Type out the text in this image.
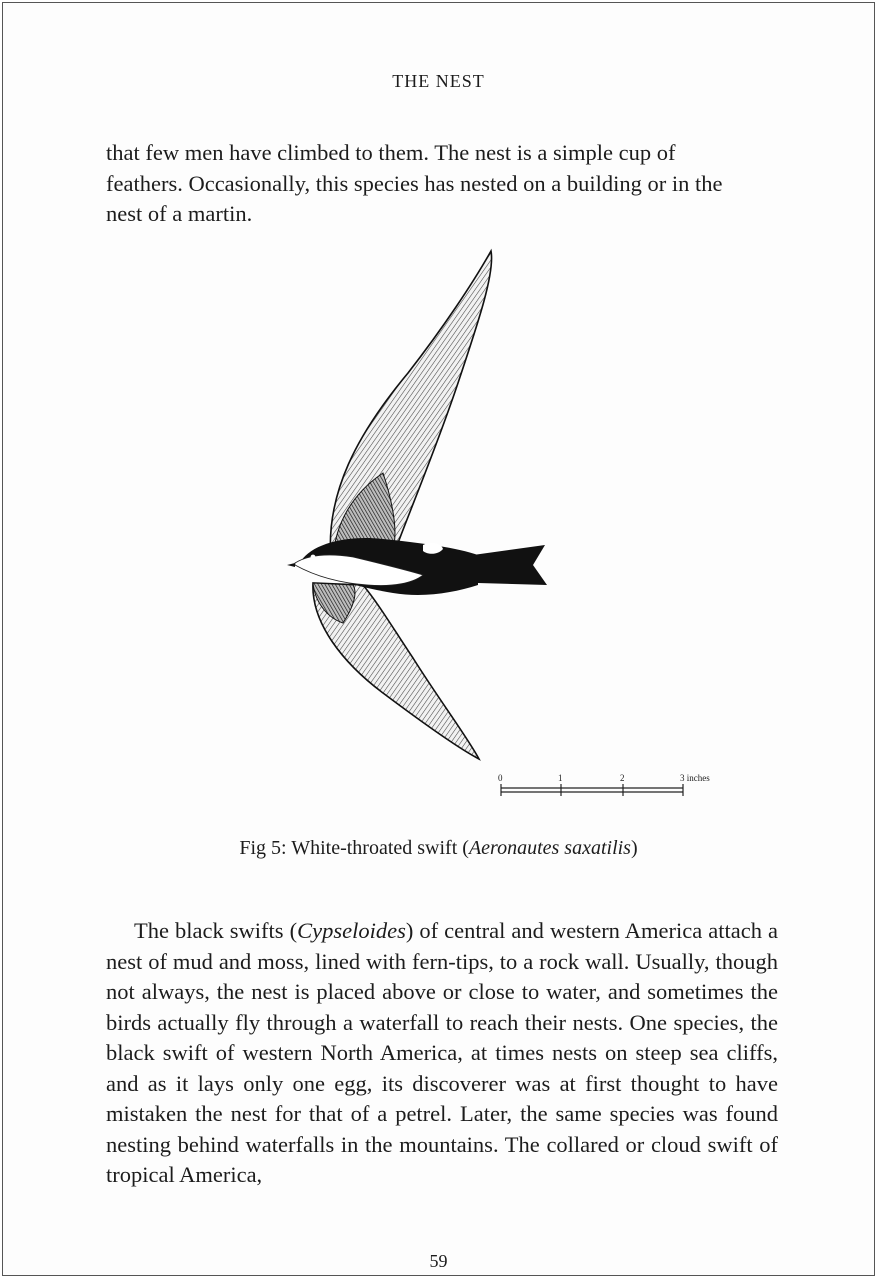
THE NEST

that few men have climbed to them. The nest is a simple cup of

feathers. Occasionally, this species has nested on a building or in the

nest of a martin.

0	1	2	3 inches
Fig 5: White-throated swift (Aeronautes saxatilis)
The black swifts (Cypseloides) of central and western America attach a nest of mud and moss, lined with fern-tips, to a rock wall. Usually, though not always, the nest is placed above or close to water, and sometimes the birds actually fly through a waterfall to reach their nests. One species, the black swift of western North America, at times nests on steep sea cliffs, and as it lays only one egg, its discoverer was at first thought to have mistaken the nest for that of a petrel. Later, the same species was found nesting behind waterfalls in the mountains. The collared or cloud swift of tropical America,
59
